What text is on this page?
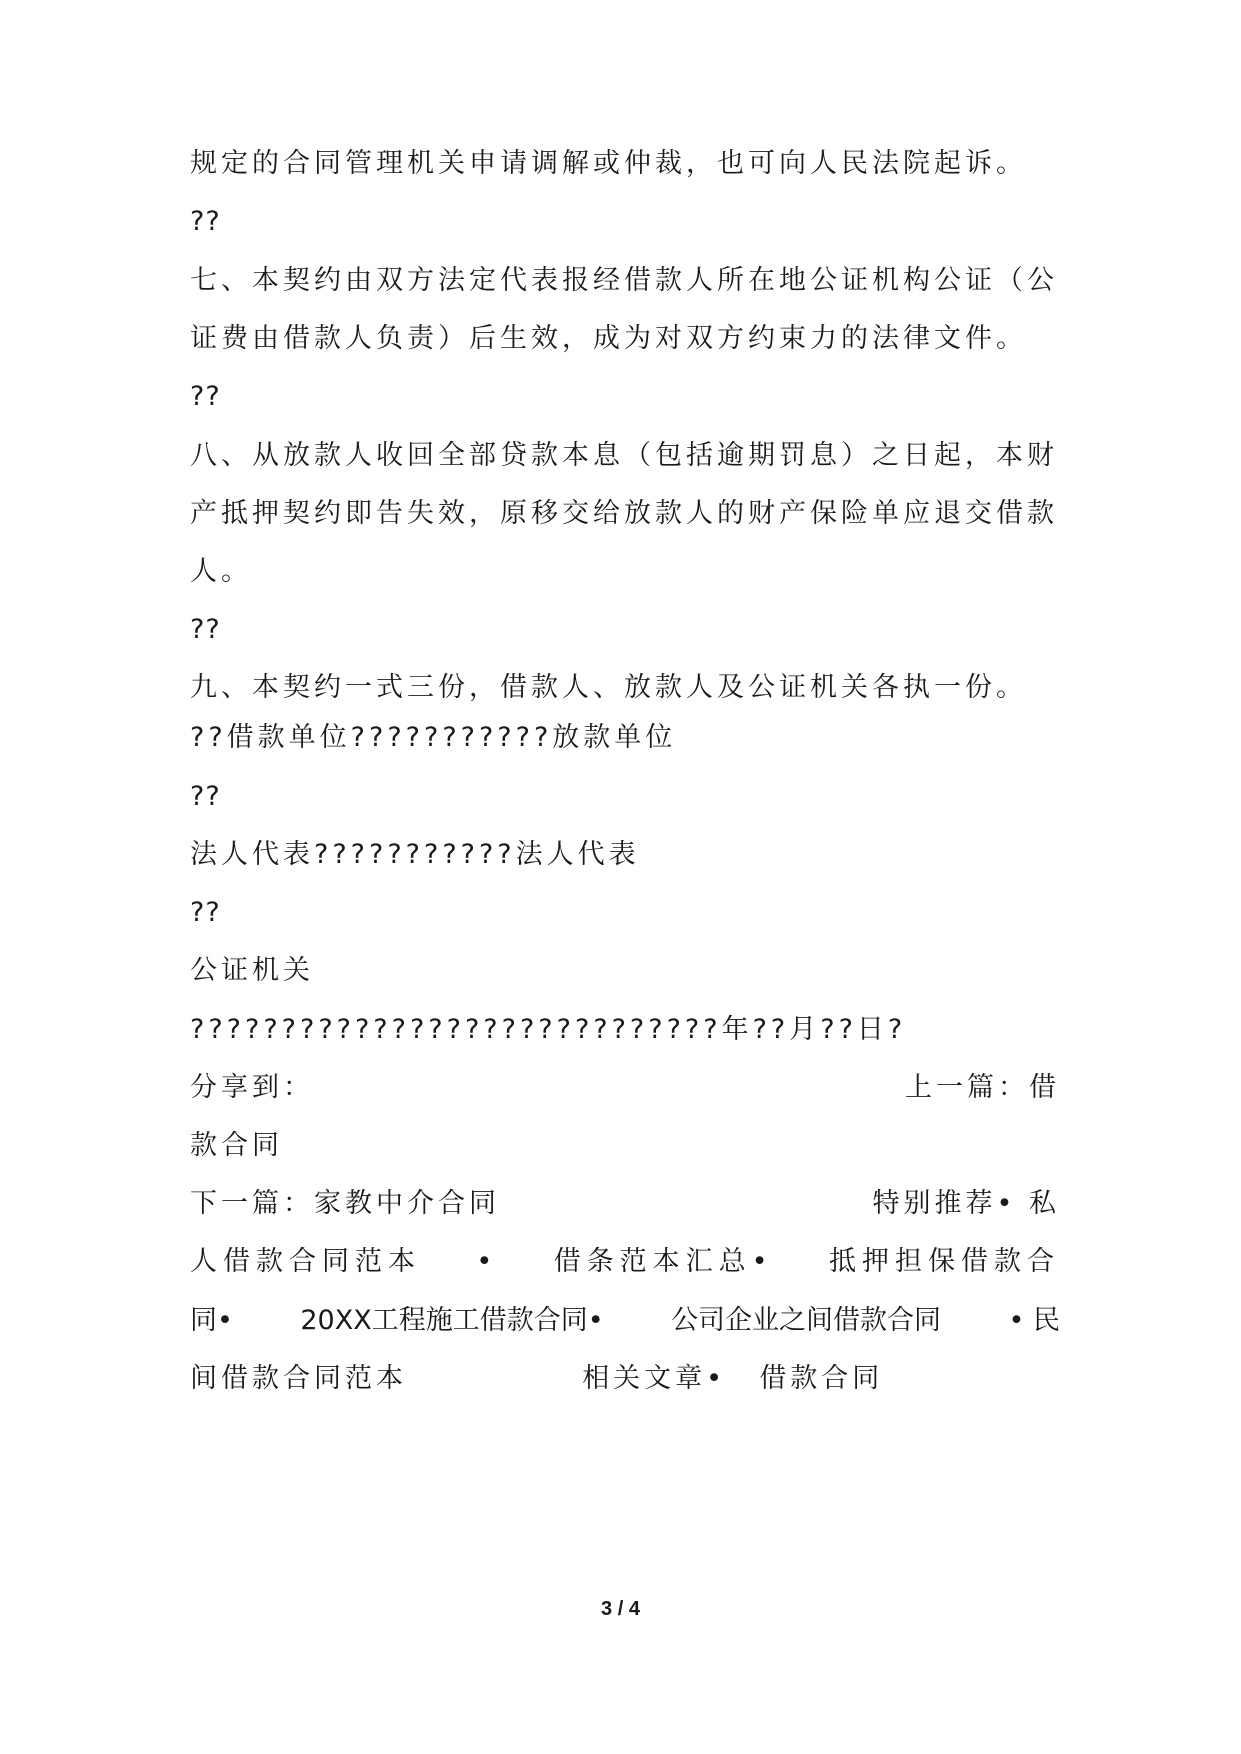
规定的合同管理机关申请调解或仲裁，也可向人民法院起诉。
??
七、本契约由双方法定代表报经借款人所在地公证机构公证（公
证费由借款人负责）后生效，成为对双方约束力的法律文件。
??
八、从放款人收回全部贷款本息（包括逾期罚息）之日起，本财
产抵押契约即告失效，原移交给放款人的财产保险单应退交借款
人。
??
九、本契约一式三份，借款人、放款人及公证机关各执一份。
??借款单位???????????放款单位
??
法人代表???????????法人代表
??
公证机关
?????????????????????????????年??月??日?
分享到：	上一篇：借
款合同
下一篇：家教中介合同	特别推荐• 私
人借款合同范本 • 借条范本汇总• 抵押担保借款合
同• 20XX工程施工借款合同• 公司企业之间借款合同 • 民
间借款合同范本	相关文章• 借款合同
3 / 4
